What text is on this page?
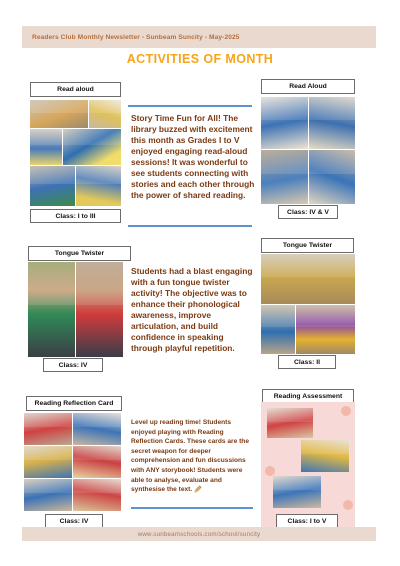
Readers Club Monthly Newsletter - Sunbeam Suncity - May-2025
ACTIVITIES OF MONTH
Read aloud
Class: I to III
Story Time Fun for All! The library buzzed with excitement this month as Grades I to V enjoyed engaging read-aloud sessions! It was wonderful to see students connecting with stories and each other through the power of shared reading.
Read Aloud
Class: IV & V
Tongue Twister
Class: IV
Students had a blast engaging with a fun tongue twister activity! The objective was to enhance their phonological awareness, improve articulation, and build confidence in speaking through playful repetition.
Tongue Twister
Class: II
Reading Reflection Card
Class: IV
Level up reading time! Students enjoyed playing with Reading Reflection Cards. These cards are the secret weapon for deeper comprehension and fun discussions with ANY storybook! Students were able to analyse, evaluate and synthesise the text.
Reading Assessment
Class: I to V
www.sunbeamschools.com/school/suncity
